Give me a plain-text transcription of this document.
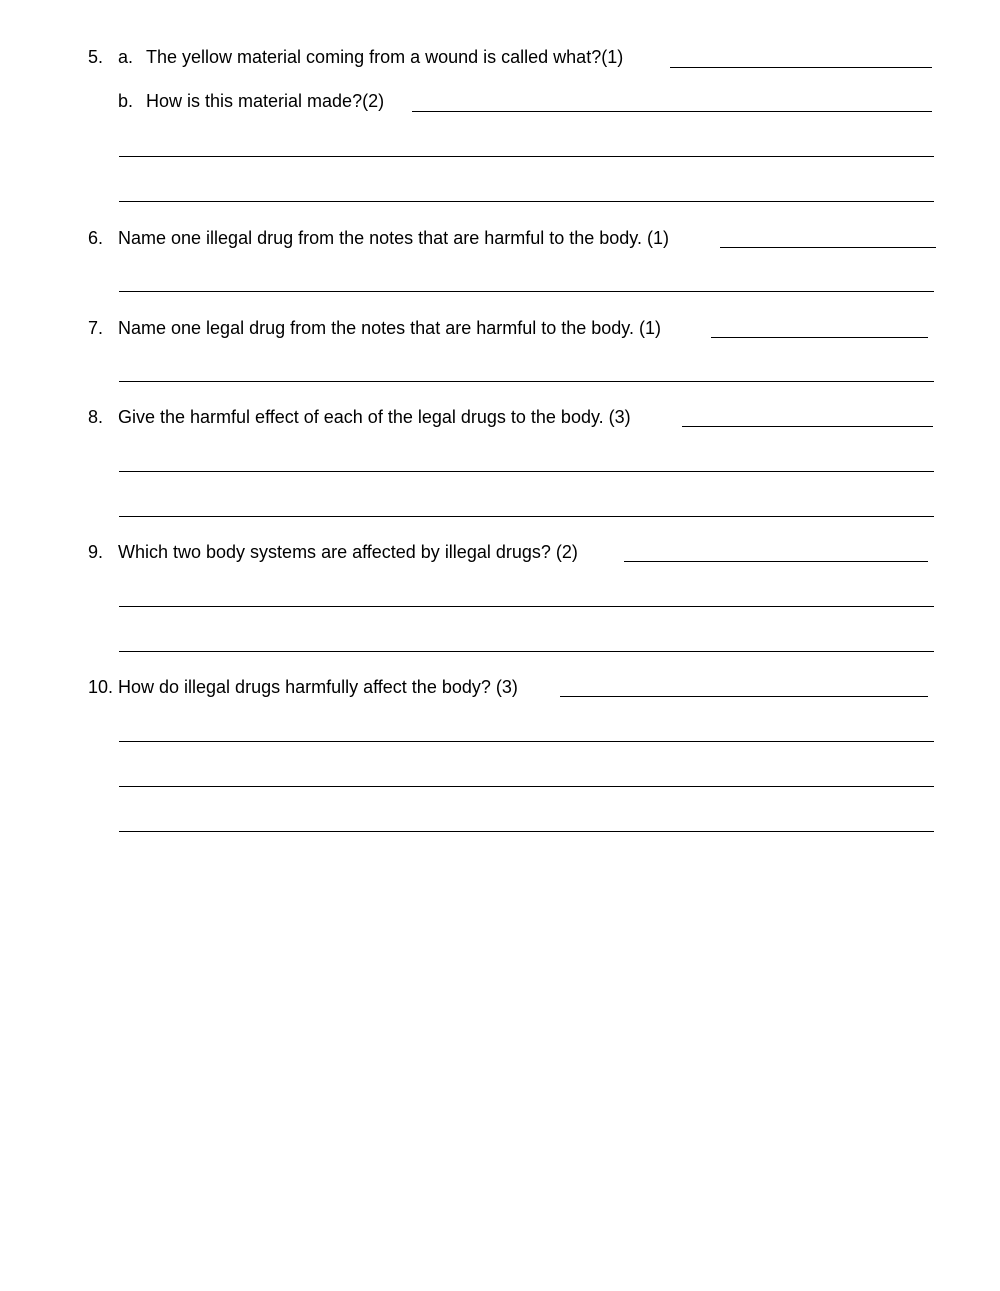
5. a. The yellow material coming from a wound is called what?(1)
b. How is this material made?(2)
6. Name one illegal drug from the notes that are harmful to the body. (1)
7. Name one legal drug from the notes that are harmful to the body. (1)
8. Give the harmful effect of each of the legal drugs to the body. (3)
9. Which two body systems are affected by illegal drugs? (2)
10. How do illegal drugs harmfully affect the body? (3)
